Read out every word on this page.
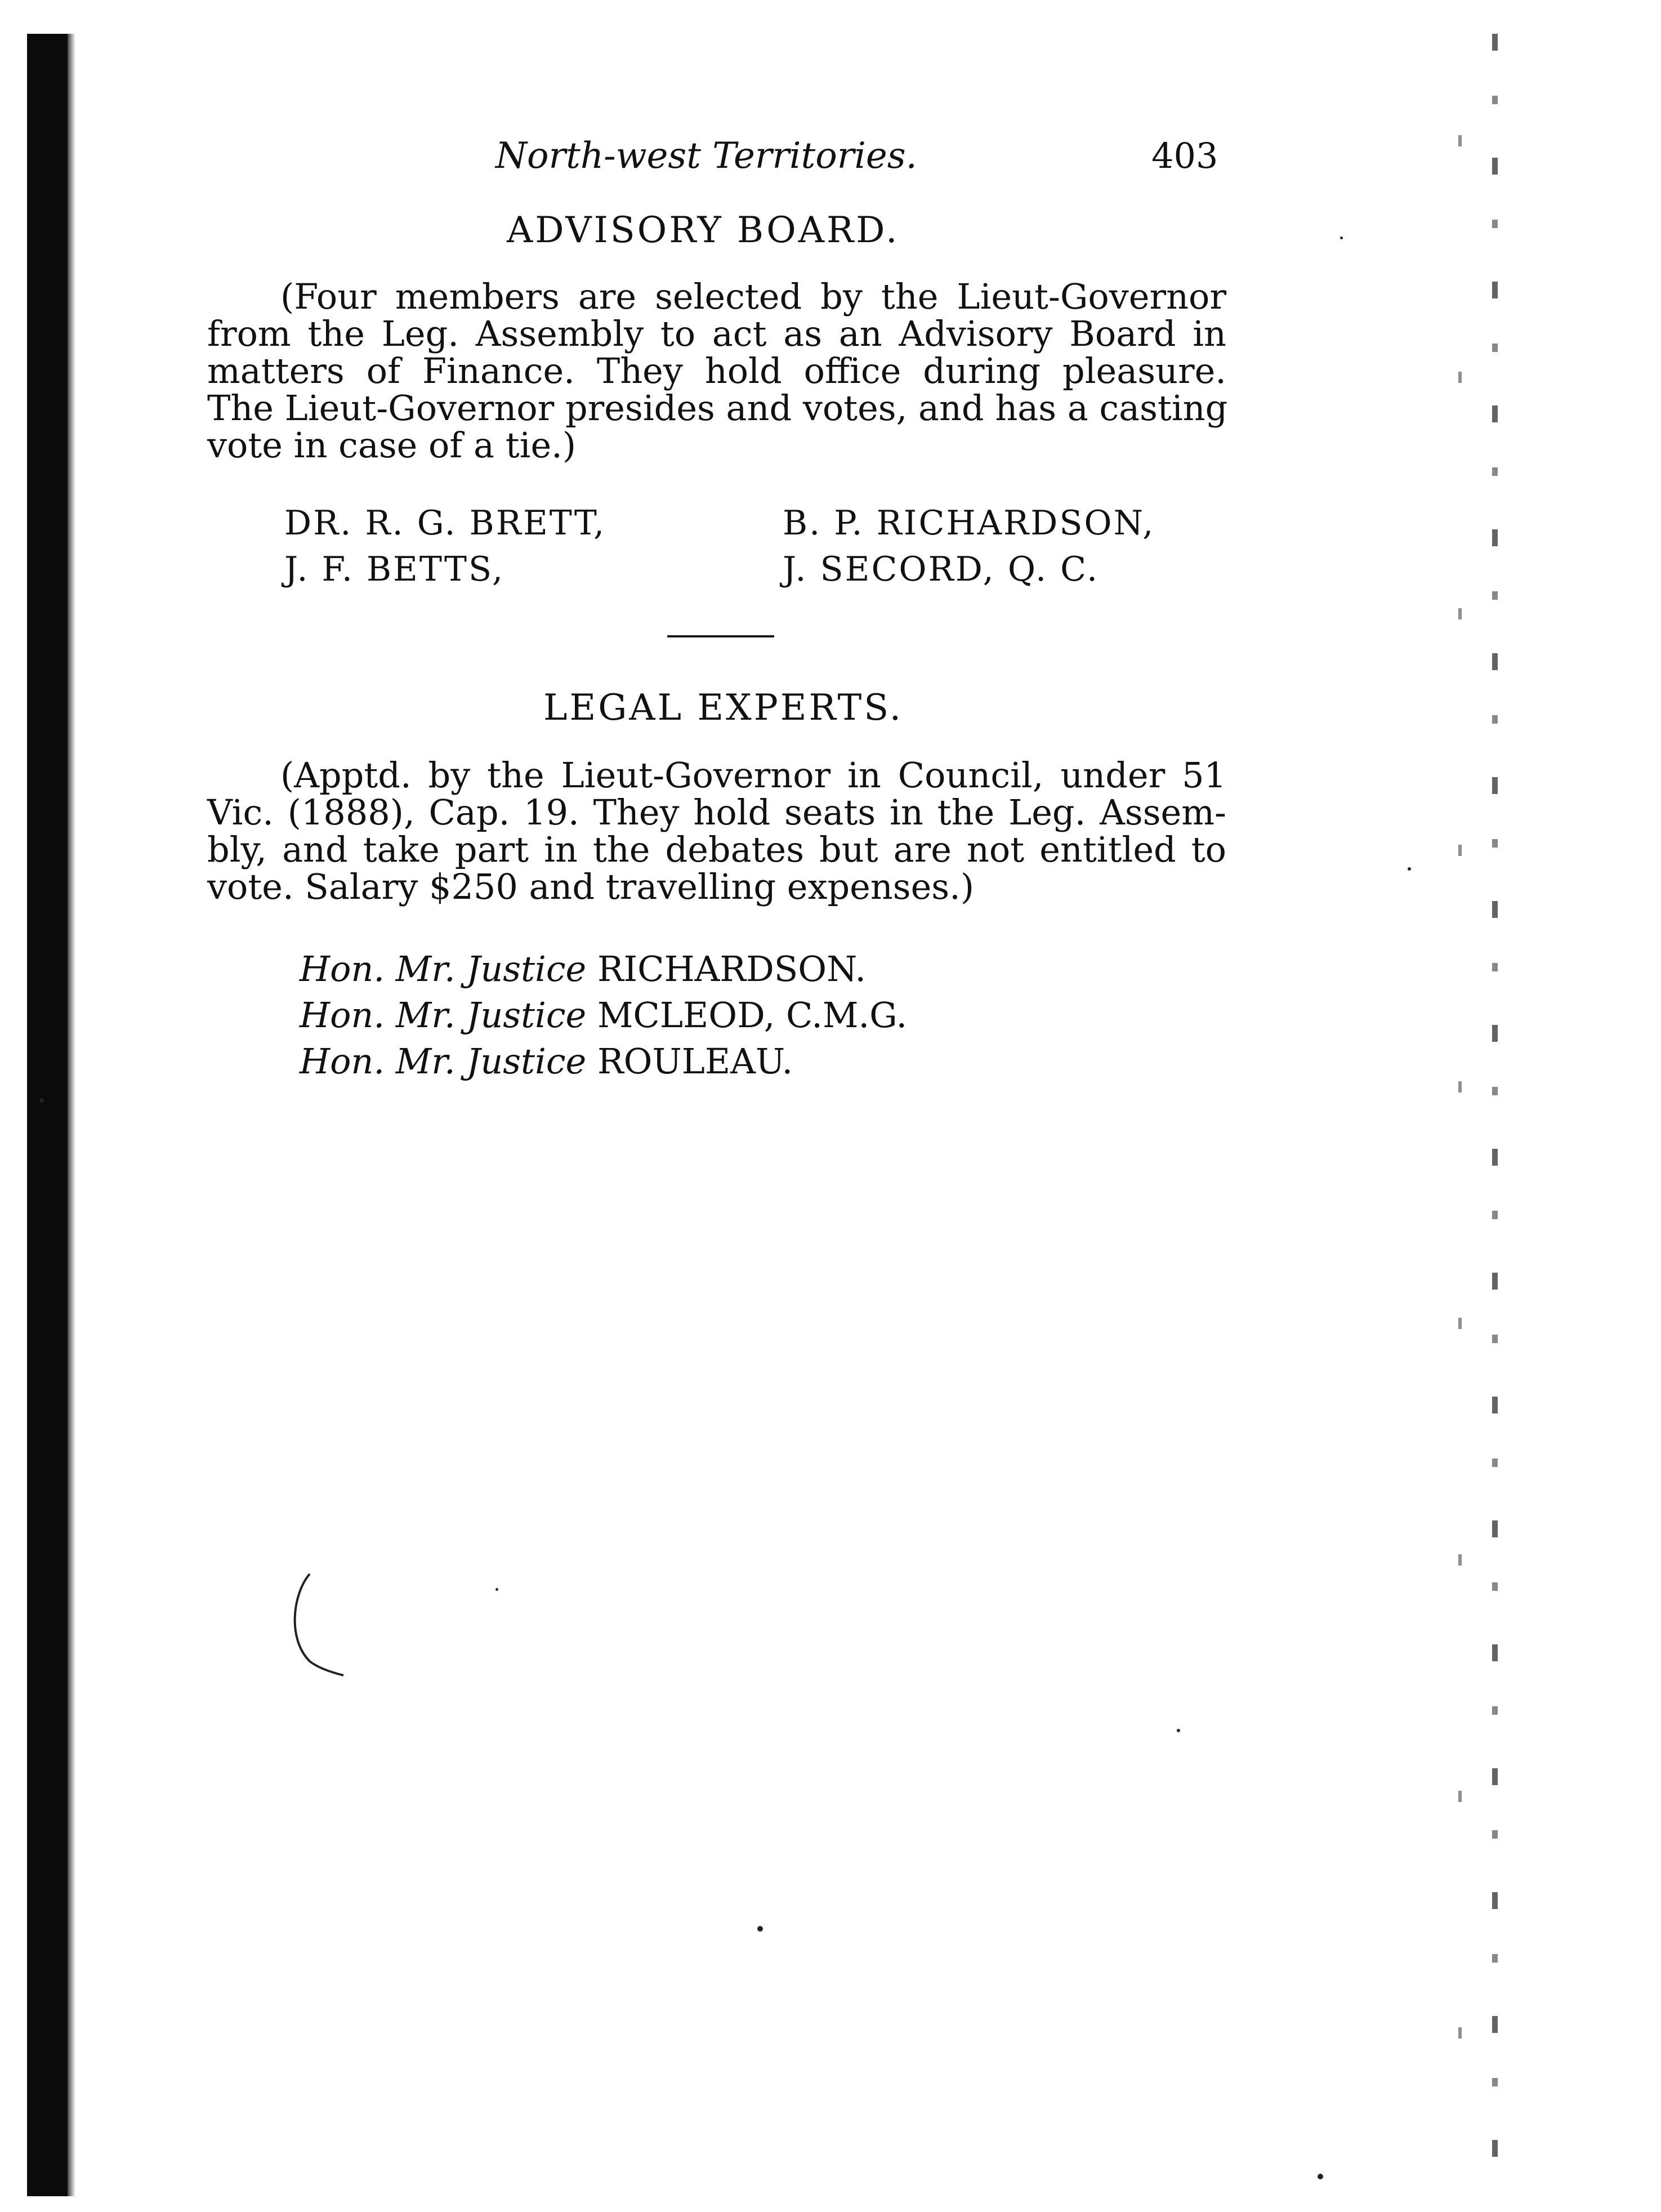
North-west Territories.	403
ADVISORY BOARD.
(Four members are selected by the Lieut-Governor
from the Leg. Assembly to act as an Advisory Board in
matters of Finance. They hold office during pleasure.
The Lieut-Governor presides and votes, and has a casting
vote in case of a tie.)
DR. R. G. BRETT,	B. P. RICHARDSON,
J. F. BETTS,	J. SECORD, Q. C.
LEGAL EXPERTS.
(Apptd. by the Lieut-Governor in Council, under 51
Vic. (1888), Cap. 19. They hold seats in the Leg. Assem-
bly, and take part in the debates but are not entitled to
vote. Salary $250 and travelling expenses.)
Hon. Mr. Justice RICHARDSON.
Hon. Mr. Justice MCLEOD, C.M.G.
Hon. Mr. Justice ROULEAU.
